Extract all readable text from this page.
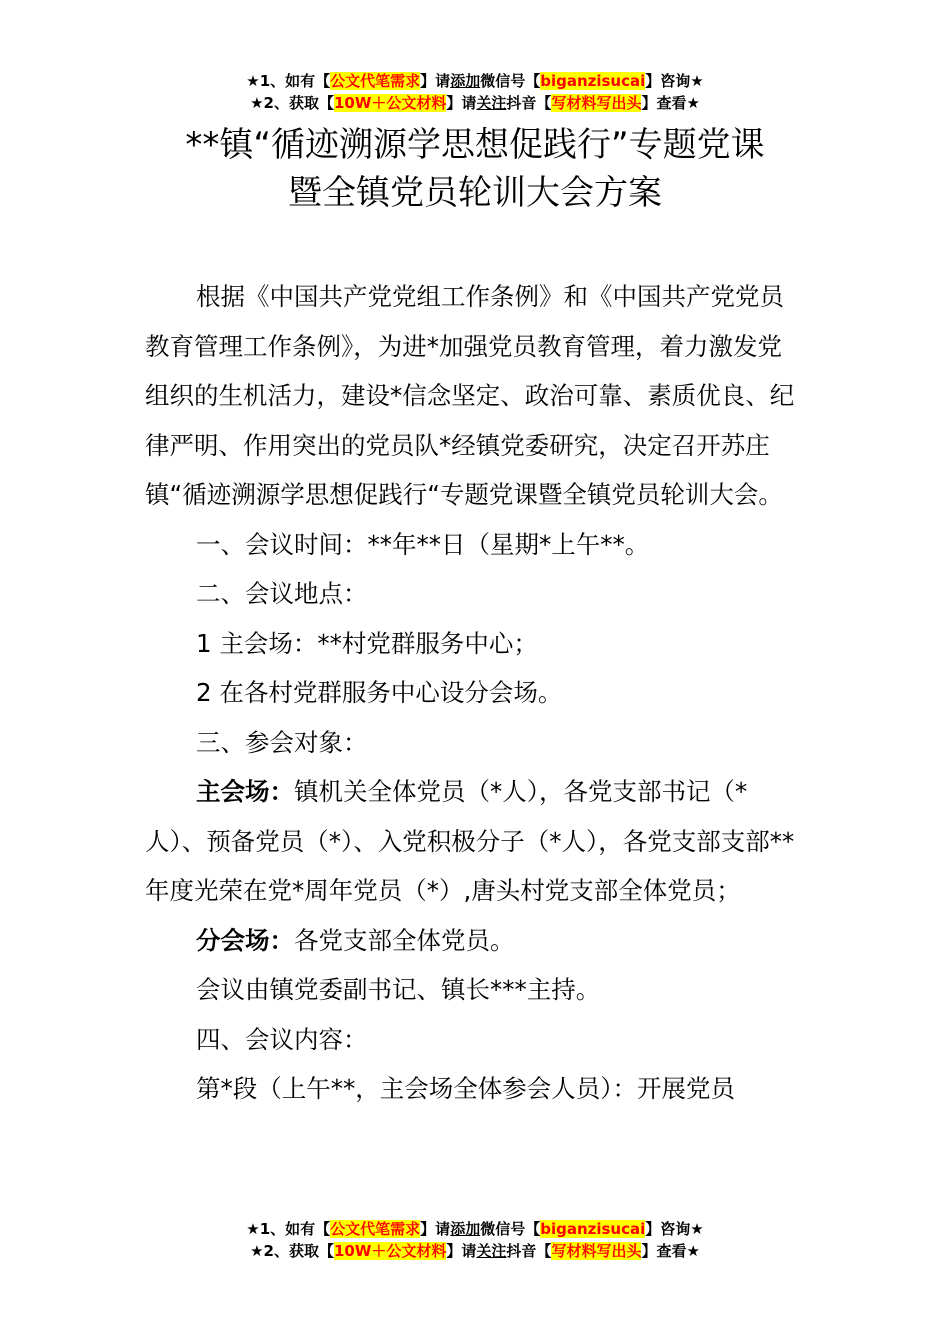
★1、如有【公文代笔需求】请添加微信号【biganzisucai】咨询★
★2、获取【10W＋公文材料】请关注抖音【写材料写出头】查看★
**镇“循迹溯源学思想促践行”专题党课
暨全镇党员轮训大会方案

根据《中国共产党党组工作条例》和《中国共产党党员教育管理工作条例》，为进*加强党员教育管理，着力激发党组织的生机活力，建设*信念坚定、政治可靠、素质优良、纪律严明、作用突出的党员队*经镇党委研究，决定召开苏庄镇“循迹溯源学思想促践行“专题党课暨全镇党员轮训大会。

一、会议时间：**年**日（星期*上午**。

二、会议地点：

1 主会场：**村党群服务中心；

2 在各村党群服务中心设分会场。

三、参会对象：

主会场：镇机关全体党员（*人），各党支部书记（*人）、预备党员（*）、入党积极分子（*人），各党支部支部**年度光荣在党*周年党员（*）,唐头村党支部全体党员；

分会场：各党支部全体党员。

会议由镇党委副书记、镇长***主持。

四、会议内容：

第*段（上午**，主会场全体参会人员）：开展党员

★1、如有【公文代笔需求】请添加微信号【biganzisucai】咨询★
★2、获取【10W＋公文材料】请关注抖音【写材料写出头】查看★
